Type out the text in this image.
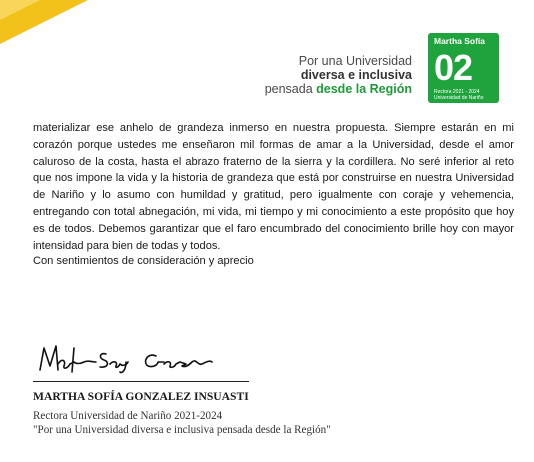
Por una Universidad
diversa e inclusiva
pensada desde la Región
Martha Sofía
02
Rectora 2021 - 2024
Universidad de Nariño

materializar ese anhelo de grandeza inmerso en nuestra propuesta. Siempre estarán en mi corazón porque ustedes me enseñaron mil formas de amar a la Universidad, desde el amor caluroso de la costa, hasta el abrazo fraterno de la sierra y la cordillera. No seré inferior al reto que nos impone la vida y la historia de grandeza que está por construirse en nuestra Universidad de Nariño y lo asumo con humildad y gratitud, pero igualmente con coraje y vehemencia, entregando con total abnegación, mi vida, mi tiempo y mi conocimiento a este propósito que hoy es de todos. Debemos garantizar que el faro encumbrado del conocimiento brille hoy con mayor intensidad para bien de todas y todos.

Con sentimientos de consideración y aprecio

MARTHA SOFÍA GONZALEZ INSUASTI

Rectora Universidad de Nariño 2021-2024

"Por una Universidad diversa e inclusiva pensada desde la Región"
